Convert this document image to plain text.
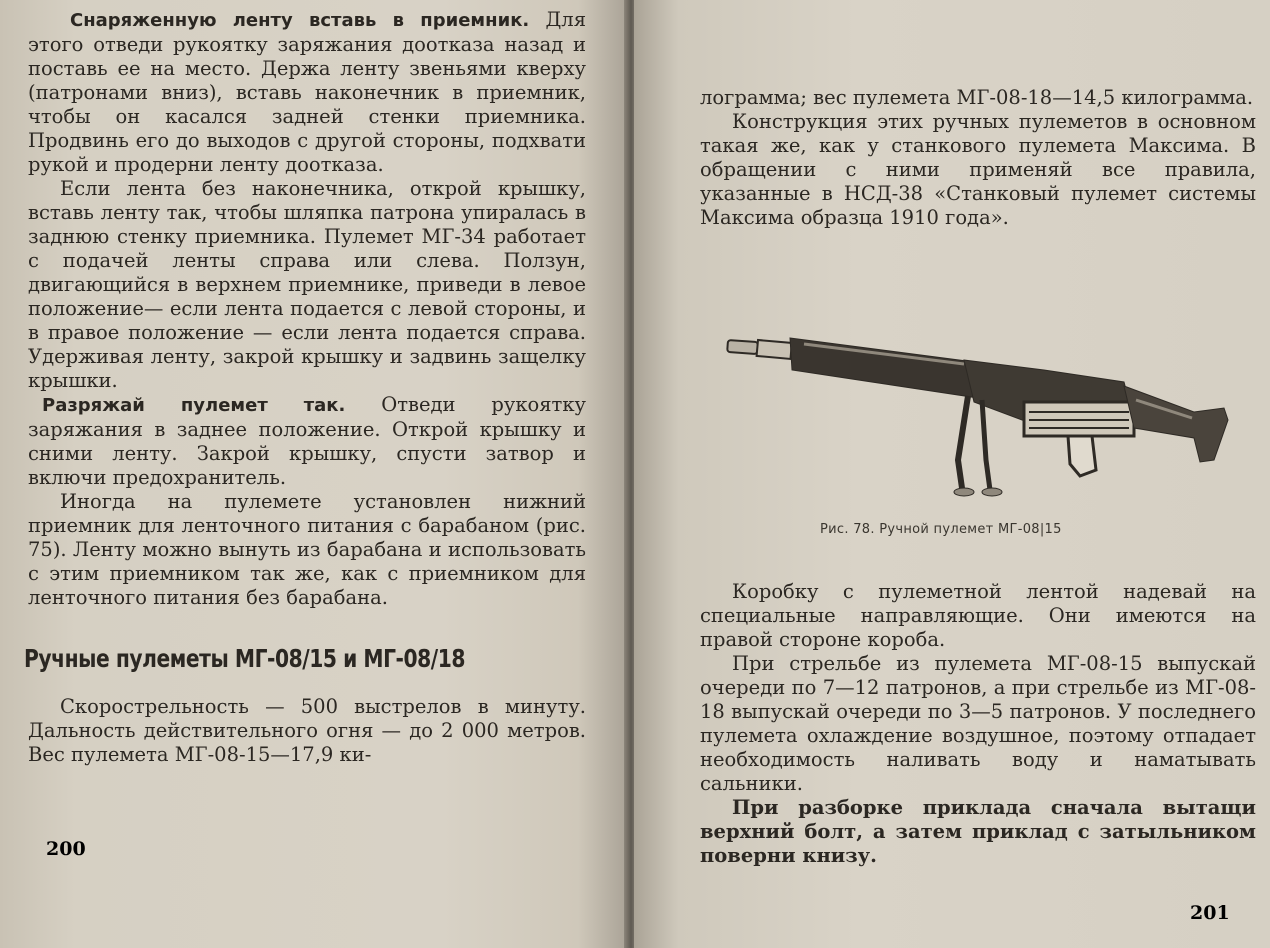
Снаряженную ленту вставь в приемник. Для этого отведи рукоятку заряжания доотказа назад и поставь ее на место. Держа ленту звеньями кверху (патронами вниз), вставь наконечник в приемник, чтобы он касался задней стенки приемника. Продвинь его до выходов с другой стороны, подхвати рукой и продерни ленту доотказа.

Если лента без наконечника, открой крышку, вставь ленту так, чтобы шляпка патрона упиралась в заднюю стенку приемника. Пулемет МГ-34 работает с подачей ленты справа или слева. Ползун, двигающийся в верхнем приемнике, приведи в левое положение— если лента подается с левой стороны, и в правое положение — если лента подается справа. Удерживая ленту, закрой крышку и задвинь защелку крышки.

Разряжай пулемет так. Отведи рукоятку заряжания в заднее положение. Открой крышку и сними ленту. Закрой крышку, спусти затвор и включи предохранитель.

Иногда на пулемете установлен нижний приемник для ленточного питания с барабаном (рис. 75). Ленту можно вынуть из барабана и использовать с этим приемником так же, как с приемником для ленточного питания без барабана.

Ручные пулеметы МГ-08/15 и МГ-08/18

Скорострельность — 500 выстрелов в минуту. Дальность действительного огня — до 2 000 метров. Вес пулемета МГ-08-15—17,9 ки-

200

лограмма; вес пулемета МГ-08-18—14,5 килограмма.

Конструкция этих ручных пулеметов в основном такая же, как у станкового пулемета Максима. В обращении с ними применяй все правила, указанные в НСД-38 «Станковый пулемет системы Максима образца 1910 года».

Рис. 78. Ручной пулемет МГ-08|15

Коробку с пулеметной лентой надевай на специальные направляющие. Они имеются на правой стороне короба.

При стрельбе из пулемета МГ-08-15 выпускай очереди по 7—12 патронов, а при стрельбе из МГ-08-18 выпускай очереди по 3—5 патронов. У последнего пулемета охлаждение воздушное, поэтому отпадает необходимость наливать воду и наматывать сальники.

При разборке приклада сначала вытащи верхний болт, а затем приклад с затыльником поверни книзу.

201
